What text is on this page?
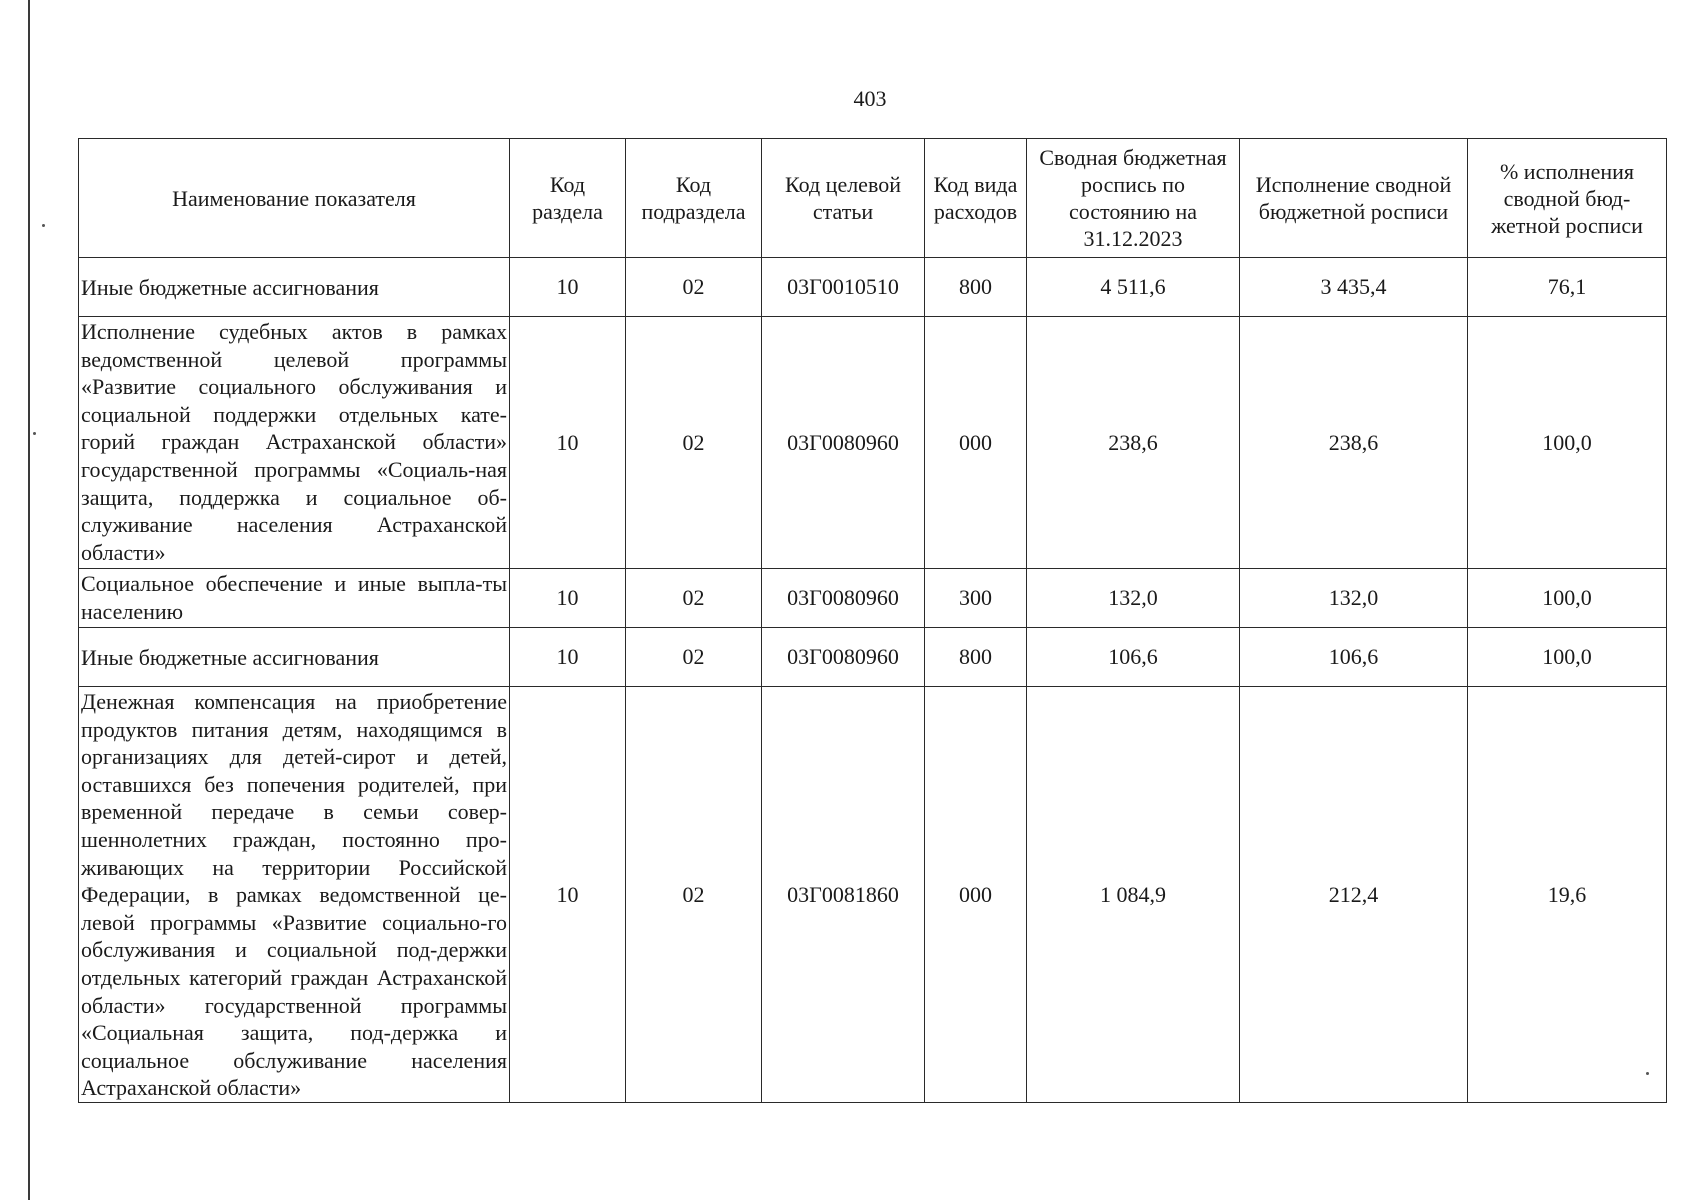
403
Наименование показателя	Код раздела	Код подраздела	Код целевой статьи	Код вида расходов	Сводная бюджетная роспись по состоянию на 31.12.2023	Исполнение сводной бюджетной росписи	% исполнения сводной бюд-жетной росписи
Иные бюджетные ассигнования	10	02	03Г0010510	800	4 511,6	3 435,4	76,1
Исполнение судебных актов в рамках ведомственной целевой программы «Развитие социального обслуживания и социальной поддержки отдельных кате-горий граждан Астраханской области» государственной программы «Социаль-ная защита, поддержка и социальное об-служивание населения Астраханской области»	10	02	03Г0080960	000	238,6	238,6	100,0
Социальное обеспечение и иные выпла-ты населению	10	02	03Г0080960	300	132,0	132,0	100,0
Иные бюджетные ассигнования	10	02	03Г0080960	800	106,6	106,6	100,0
Денежная компенсация на приобретение продуктов питания детям, находящимся в организациях для детей-сирот и детей, оставшихся без попечения родителей, при временной передаче в семьи совер-шеннолетних граждан, постоянно про-живающих на территории Российской Федерации, в рамках ведомственной це-левой программы «Развитие социально-го обслуживания и социальной под-держки отдельных категорий граждан Астраханской области» государственной программы «Социальная защита, под-держка и социальное обслуживание населения Астраханской области»	10	02	03Г0081860	000	1 084,9	212,4	19,6
